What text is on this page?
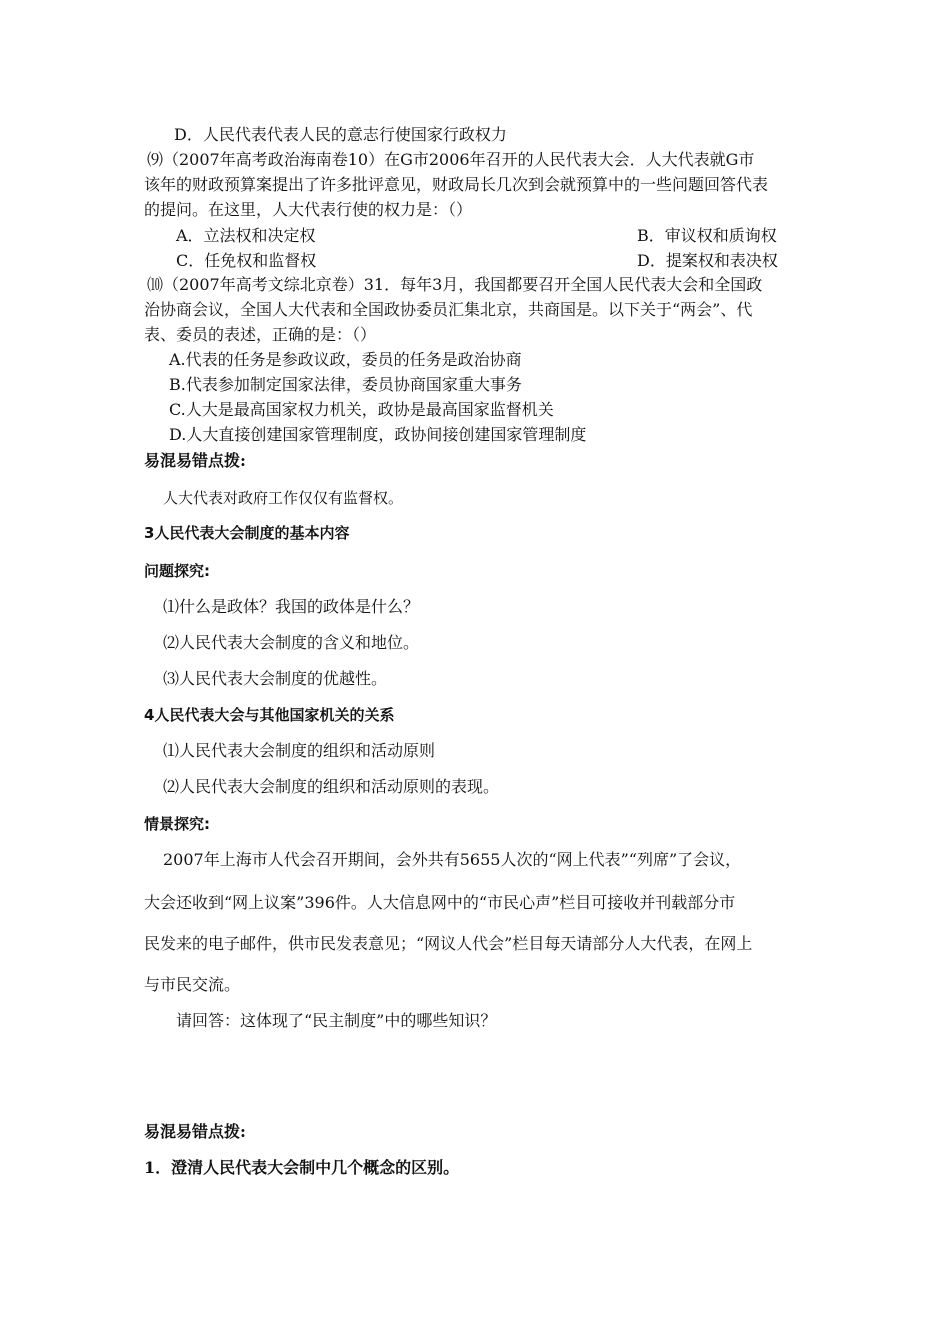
D．人民代表代表人民的意志行使国家行政权力
⑼（2007年高考政治海南卷10）在G市2006年召开的人民代表大会．人大代表就G市
该年的财政预算案提出了许多批评意见，财政局长几次到会就预算中的一些问题回答代表
的提问。在这里，人大代表行使的权力是：（）
A．立法权和决定权	B．审议权和质询权
C．任免权和监督权	D．提案权和表决权
⑽（2007年高考文综北京卷）31．每年3月，我国都要召开全国人民代表大会和全国政
治协商会议，全国人大代表和全国政协委员汇集北京，共商国是。以下关于“两会”、代
表、委员的表述，正确的是：（）
A.代表的任务是参政议政，委员的任务是政治协商
B.代表参加制定国家法律，委员协商国家重大事务
C.人大是最高国家权力机关，政协是最高国家监督机关
D.人大直接创建国家管理制度，政协间接创建国家管理制度
易混易错点拨:
人大代表对政府工作仅仅有监督权。
3人民代表大会制度的基本内容
问题探究:
⑴什么是政体？我国的政体是什么？
⑵人民代表大会制度的含义和地位。
⑶人民代表大会制度的优越性。
4人民代表大会与其他国家机关的关系
⑴人民代表大会制度的组织和活动原则
⑵人民代表大会制度的组织和活动原则的表现。
情景探究:
2007年上海市人代会召开期间，会外共有5655人次的“网上代表”“列席”了会议，
大会还收到“网上议案”396件。人大信息网中的“市民心声”栏目可接收并刊载部分市
民发来的电子邮件，供市民发表意见；“网议人代会”栏目每天请部分人大代表，在网上
与市民交流。
请回答：这体现了“民主制度”中的哪些知识？
易混易错点拨:
1．澄清人民代表大会制中几个概念的区别。
